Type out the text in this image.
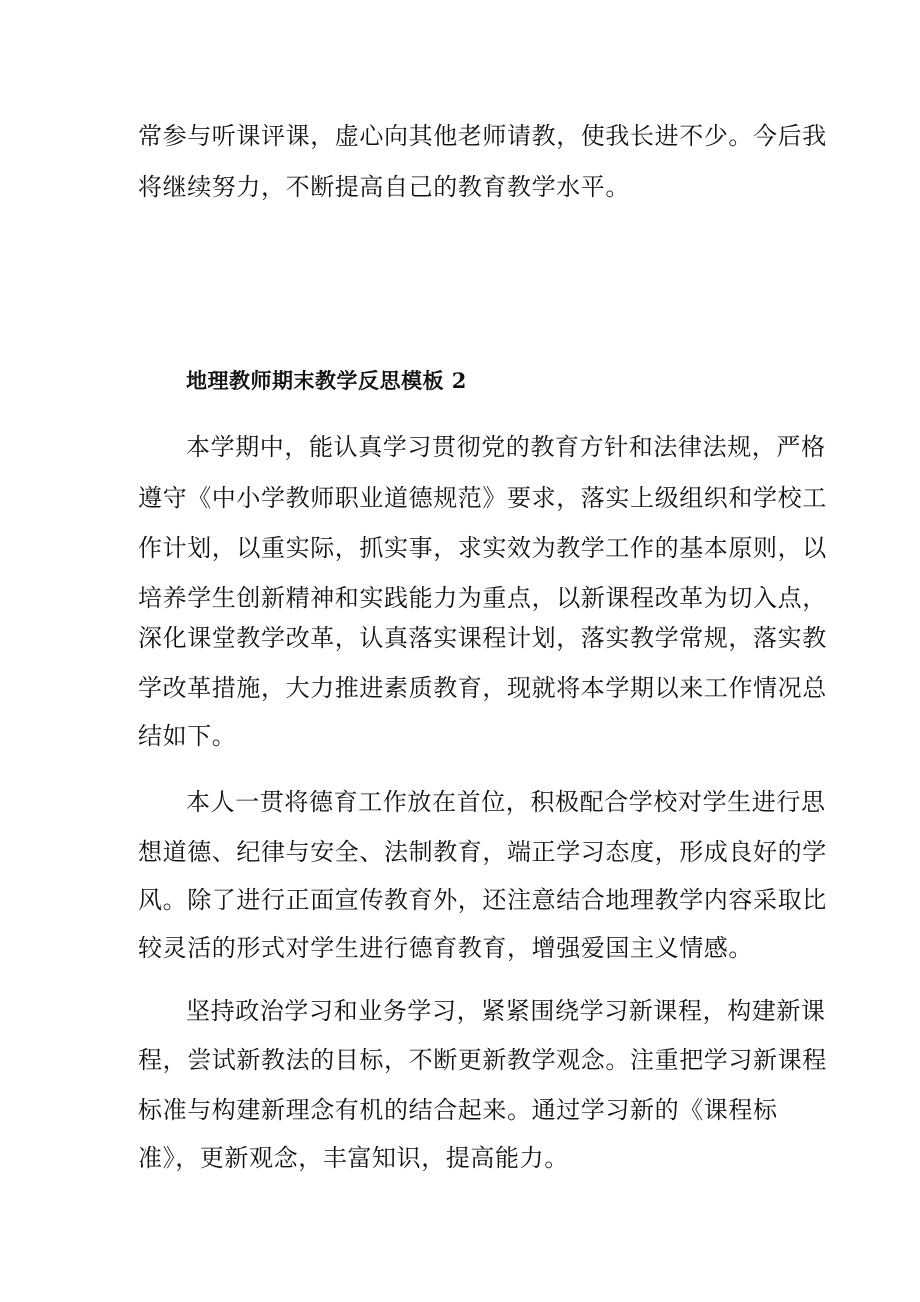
常参与听课评课，虚心向其他老师请教，使我长进不少。今后我
将继续努力，不断提高自己的教育教学水平。
地理教师期末教学反思模板 2
本学期中，能认真学习贯彻党的教育方针和法律法规，严格
遵守《中小学教师职业道德规范》要求，落实上级组织和学校工
作计划，以重实际，抓实事，求实效为教学工作的基本原则，以
培养学生创新精神和实践能力为重点，以新课程改革为切入点，
深化课堂教学改革，认真落实课程计划，落实教学常规，落实教
学改革措施，大力推进素质教育，现就将本学期以来工作情况总
结如下。
本人一贯将德育工作放在首位，积极配合学校对学生进行思
想道德、纪律与安全、法制教育，端正学习态度，形成良好的学
风。除了进行正面宣传教育外，还注意结合地理教学内容采取比
较灵活的形式对学生进行德育教育，增强爱国主义情感。
坚持政治学习和业务学习，紧紧围绕学习新课程，构建新课
程，尝试新教法的目标，不断更新教学观念。注重把学习新课程
标准与构建新理念有机的结合起来。通过学习新的《课程标
准》，更新观念，丰富知识，提高能力。
